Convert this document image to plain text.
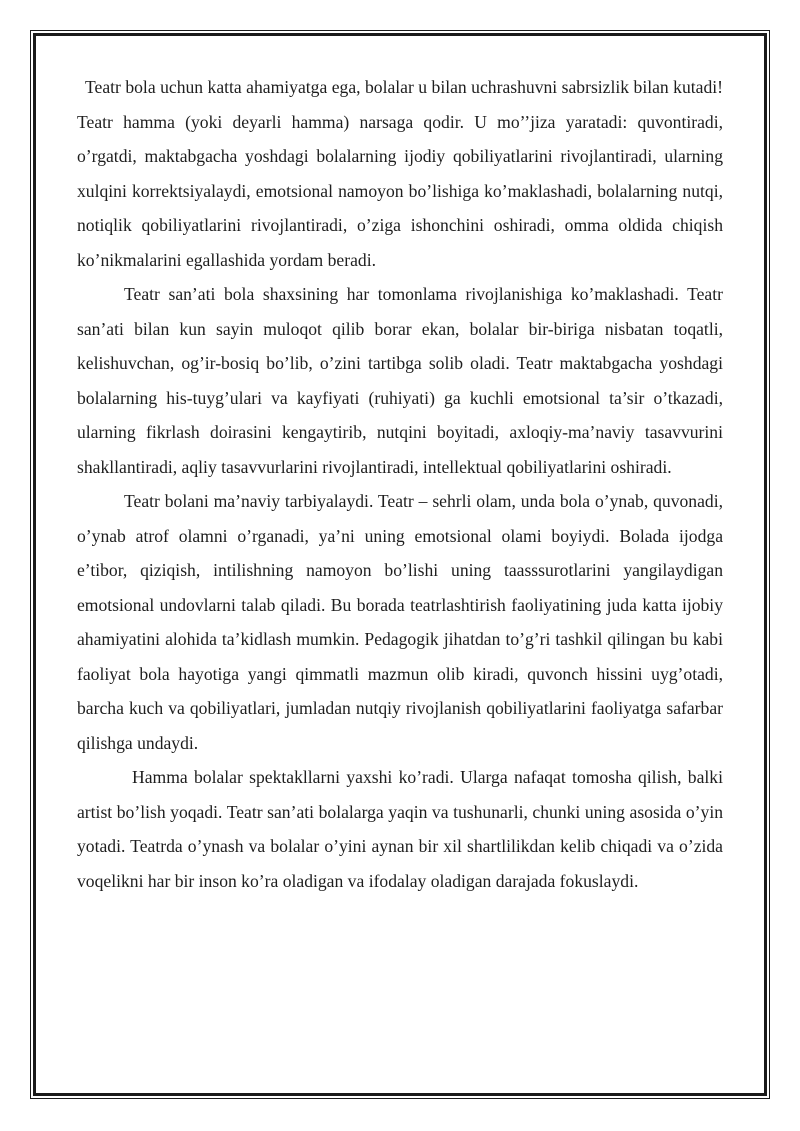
Teatr bola uchun katta ahamiyatga ega, bolalar u bilan uchrashuvni sabrsizlik bilan kutadi! Teatr hamma (yoki deyarli hamma) narsaga qodir. U mo’’jiza yaratadi: quvontiradi, o’rgatdi, maktabgacha yoshdagi bolalarning ijodiy qobiliyatlarini rivojlantiradi, ularning xulqini korrektsiyalaydi, emotsional namoyon bo’lishiga ko’maklashadi, bolalarning nutqi, notiqlik qobiliyatlarini rivojlantiradi, o’ziga ishonchini oshiradi, omma oldida chiqish ko’nikmalarini egallashida yordam beradi.

Teatr san’ati bola shaxsining har tomonlama rivojlanishiga ko’maklashadi. Teatr san’ati bilan kun sayin muloqot qilib borar ekan, bolalar bir-biriga nisbatan toqatli, kelishuvchan, og’ir-bosiq bo’lib, o’zini tartibga solib oladi. Teatr maktabgacha yoshdagi bolalarning his-tuyg’ulari va kayfiyati (ruhiyati) ga kuchli emotsional ta’sir o’tkazadi, ularning fikrlash doirasini kengaytirib, nutqini boyitadi, axloqiy-ma’naviy tasavvurini shakllantiradi, aqliy tasavvurlarini rivojlantiradi, intellektual qobiliyatlarini oshiradi.

Teatr bolani ma’naviy tarbiyalaydi. Teatr – sehrli olam, unda bola o’ynab, quvonadi, o’ynab atrof olamni o’rganadi, ya’ni uning emotsional olami boyiydi. Bolada ijodga e’tibor, qiziqish, intilishning namoyon bo’lishi uning taasssurotlarini yangilaydigan emotsional undovlarni talab qiladi. Bu borada teatrlashtirish faoliyatining juda katta ijobiy ahamiyatini alohida ta’kidlash mumkin. Pedagogik jihatdan to’g’ri tashkil qilingan bu kabi faoliyat bola hayotiga yangi qimmatli mazmun olib kiradi, quvonch hissini uyg’otadi, barcha kuch va qobiliyatlari, jumladan nutqiy rivojlanish qobiliyatlarini faoliyatga safarbar qilishga undaydi.

Hamma bolalar spektakllarni yaxshi ko’radi. Ularga nafaqat tomosha qilish, balki artist bo’lish yoqadi. Teatr san’ati bolalarga yaqin va tushunarli, chunki uning asosida o’yin yotadi. Teatrda o’ynash va bolalar o’yini aynan bir xil shartlilikdan kelib chiqadi va o’zida voqelikni har bir inson ko’ra oladigan va ifodalay oladigan darajada fokuslaydi.
